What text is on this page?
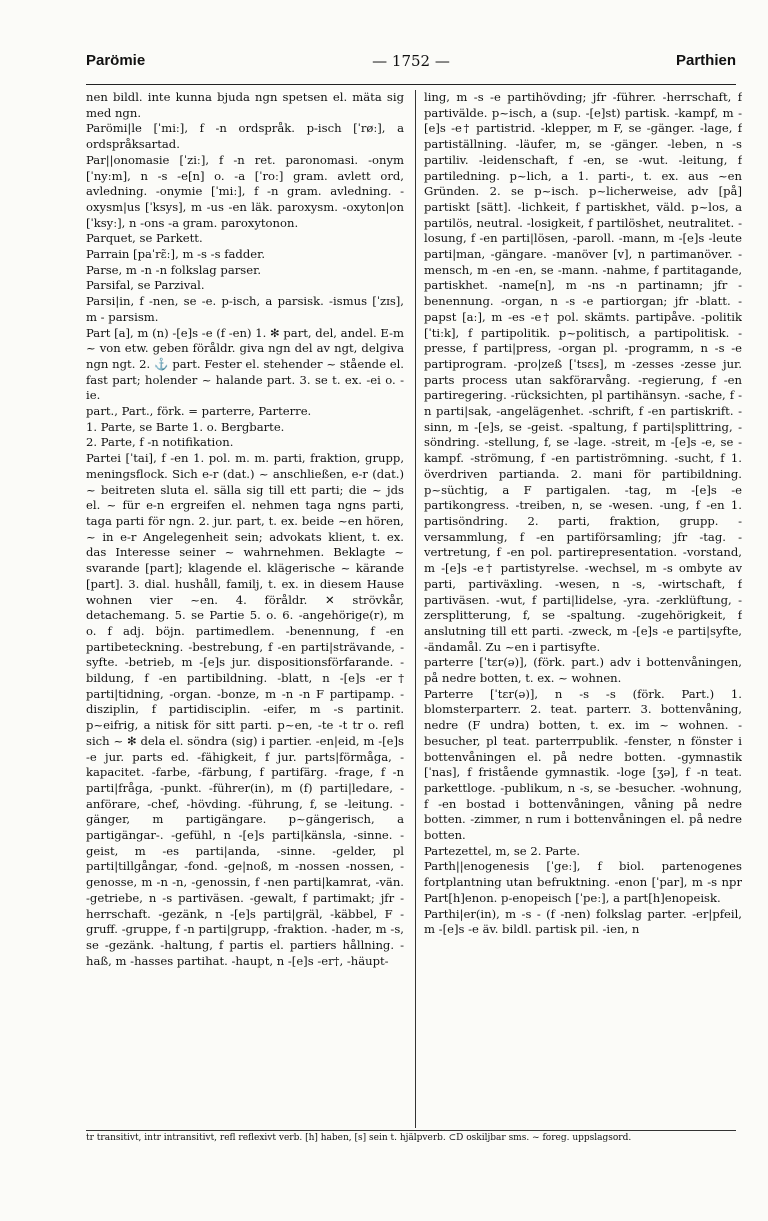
Parömie	— 1752 —	Parthien

nen bildl. inte kunna bjuda ngn spetsen el. mäta sig med ngn.

Parömi|le [ˈmiː], f -n ordspråk. p-isch [ˈrøː], a ordspråksartad.

Par||onomasie [ˈziː], f -n ret. paronomasi. -onym [ˈnyːm], n -s -e[n] o. -a [ˈroː] gram. avlett ord, avledning. -onymie [ˈmiː], f -n gram. avledning. -oxysm|us [ˈksys], m -us -en läk. paroxysm. -oxyton|on [ˈksyː], n -ons -a gram. paroxytonon.

Parquet, se Parkett.

Parrain [paˈrɛ̃ː], m -s -s fadder.

Parse, m -n -n folkslag parser.

Parsifal, se Parzival.

Parsi|in, f -nen, se -e. p-isch, a parsisk. -ismus [ˈzɪs], m - parsism.

Part [a], m (n) -[e]s -e (f -en) 1. ✻ part, del, andel. E-m ~ von etw. geben föråldr. giva ngn del av ngt, delgiva ngn ngt. 2. ⚓ part. Fester el. stehender ~ stående el. fast part; holender ~ halande part. 3. se t. ex. -ei o. -ie.

part., Part., förk. = parterre, Parterre.

1. Parte, se Barte 1. o. Bergbarte.

2. Parte, f -n notifikation.

Partei [ˈtai], f -en 1. pol. m. m. parti, fraktion, grupp, meningsflock. Sich e-r (dat.) ~ anschließen, e-r (dat.) ~ beitreten sluta el. sälla sig till ett parti; die ~ jds el. ~ für e-n ergreifen el. nehmen taga ngns parti, taga parti för ngn. 2. jur. part, t. ex. beide ~en hören, ~ in e-r Angelegenheit sein; advokats klient, t. ex. das Interesse seiner ~ wahrnehmen. Beklagte ~ svarande [part]; klagende el. klägerische ~ kärande [part]. 3. dial. hushåll, familj, t. ex. in diesem Hause wohnen vier ~en. 4. föråldr. ✕ strövkår, detachemang. 5. se Partie 5. o. 6. -angehörige(r), m o. f adj. böjn. partimedlem. -benennung, f -en partibeteckning. -bestrebung, f -en parti|strävande, -syfte. -betrieb, m -[e]s jur. dispositionsförfarande. -bildung, f -en partibildning. -blatt, n -[e]s -er† parti|tidning, -organ. -bonze, m -n -n F partipamp. -disziplin, f partidisciplin. -eifer, m -s partinit. p~eifrig, a nitisk för sitt parti. p~en, -te -t tr o. refl sich ~ ✻ dela el. söndra (sig) i partier. -en|eid, m -[e]s -e jur. parts ed. -fähigkeit, f jur. parts|förmåga, -kapacitet. -farbe, -färbung, f partifärg. -frage, f -n parti|fråga, -punkt. -führer(in), m (f) parti|ledare, -anförare, -chef, -hövding. -führung, f, se -leitung. -gänger, m partigängare. p~gängerisch, a partigängar-. -gefühl, n -[e]s parti|känsla, -sinne. -geist, m -es parti|anda, -sinne. -gelder, pl parti|tillgångar, -fond. -ge|noß, m -nossen -nossen, -genosse, m -n -n, -genossin, f -nen parti|kamrat, -vän. -getriebe, n -s partiväsen. -gewalt, f partimakt; jfr -herrschaft. -gezänk, n -[e]s parti|gräl, -käbbel, F -gruff. -gruppe, f -n parti|grupp, -fraktion. -hader, m -s, se -gezänk. -haltung, f partis el. partiers hållning. -haß, m -hasses partihat. -haupt, n -[e]s -er†, -häupt-

ling, m -s -e partihövding; jfr -führer. -herrschaft, f partivälde. p~isch, a (sup. -[e]st) partisk. -kampf, m -[e]s -e† partistrid. -klepper, m F, se -gänger. -lage, f partiställning. -läufer, m, se -gänger. -leben, n -s partiliv. -leidenschaft, f -en, se -wut. -leitung, f partiledning. p~lich, a 1. parti-, t. ex. aus ~en Gründen. 2. se p~isch. p~licherweise, adv [på] partiskt [sätt]. -lichkeit, f partiskhet, väld. p~los, a partilös, neutral. -losigkeit, f partilöshet, neutralitet. -losung, f -en parti|lösen, -paroll. -mann, m -[e]s -leute parti|man, -gängare. -manöver [v], n partimanöver. -mensch, m -en -en, se -mann. -nahme, f partitagande, partiskhet. -name[n], m -ns -n partinamn; jfr -benennung. -organ, n -s -e partiorgan; jfr -blatt. -papst [aː], m -es -e† pol. skämts. partipåve. -politik [ˈtiːk], f partipolitik. p~politisch, a partipolitisk. -presse, f parti|press, -organ pl. -programm, n -s -e partiprogram. -pro|zeß [ˈtsɛs], m -zesses -zesse jur. parts process utan sakförarvång. -regierung, f -en partiregering. -rücksichten, pl partihänsyn. -sache, f -n parti|sak, -angelägenhet. -schrift, f -en partiskrift. -sinn, m -[e]s, se -geist. -spaltung, f parti|splittring, -söndring. -stellung, f, se -lage. -streit, m -[e]s -e, se -kampf. -strömung, f -en partiströmning. -sucht, f 1. överdriven partianda. 2. mani för partibildning. p~süchtig, a F partigalen. -tag, m -[e]s -e partikongress. -treiben, n, se -wesen. -ung, f -en 1. partisöndring. 2. parti, fraktion, grupp. -versammlung, f -en partiförsamling; jfr -tag. -vertretung, f -en pol. partirepresentation. -vorstand, m -[e]s -e† partistyrelse. -wechsel, m -s ombyte av parti, partiväxling. -wesen, n -s, -wirtschaft, f partiväsen. -wut, f parti|lidelse, -yra. -zerklüftung, -zersplitterung, f, se -spaltung. -zugehörigkeit, f anslutning till ett parti. -zweck, m -[e]s -e parti|syfte, -ändamål. Zu ~en i partisyfte.

parterre [ˈtɛr(ə)], (förk. part.) adv i bottenvåningen, på nedre botten, t. ex. ~ wohnen.

Parterre [ˈtɛr(ə)], n -s -s (förk. Part.) 1. blomsterparterr. 2. teat. parterr. 3. bottenvåning, nedre (F undra) botten, t. ex. im ~ wohnen. -besucher, pl teat. parterrpublik. -fenster, n fönster i bottenvåningen el. på nedre botten. -gymnastik [ˈnas], f fristående gymnastik. -loge [ʒə], f -n teat. parkettloge. -publikum, n -s, se -besucher. -wohnung, f -en bostad i bottenvåningen, våning på nedre botten. -zimmer, n rum i bottenvåningen el. på nedre botten.

Partezettel, m, se 2. Parte.

Parth||enogenesis [ˈgeː], f biol. partenogenes fortplantning utan befruktning. -enon [ˈpar], m -s npr Part[h]enon. p-enopeisch [ˈpeː], a part[h]enopeisk.

Parthi|er(in), m -s - (f -nen) folkslag parter. -er|pfeil, m -[e]s -e äv. bildl. partisk pil. -ien, n

tr transitivt, intr intransitivt, refl reflexivt verb. [h] haben, [s] sein t. hjälpverb. ⊂D oskiljbar sms. ~ foreg. uppslagsord.
